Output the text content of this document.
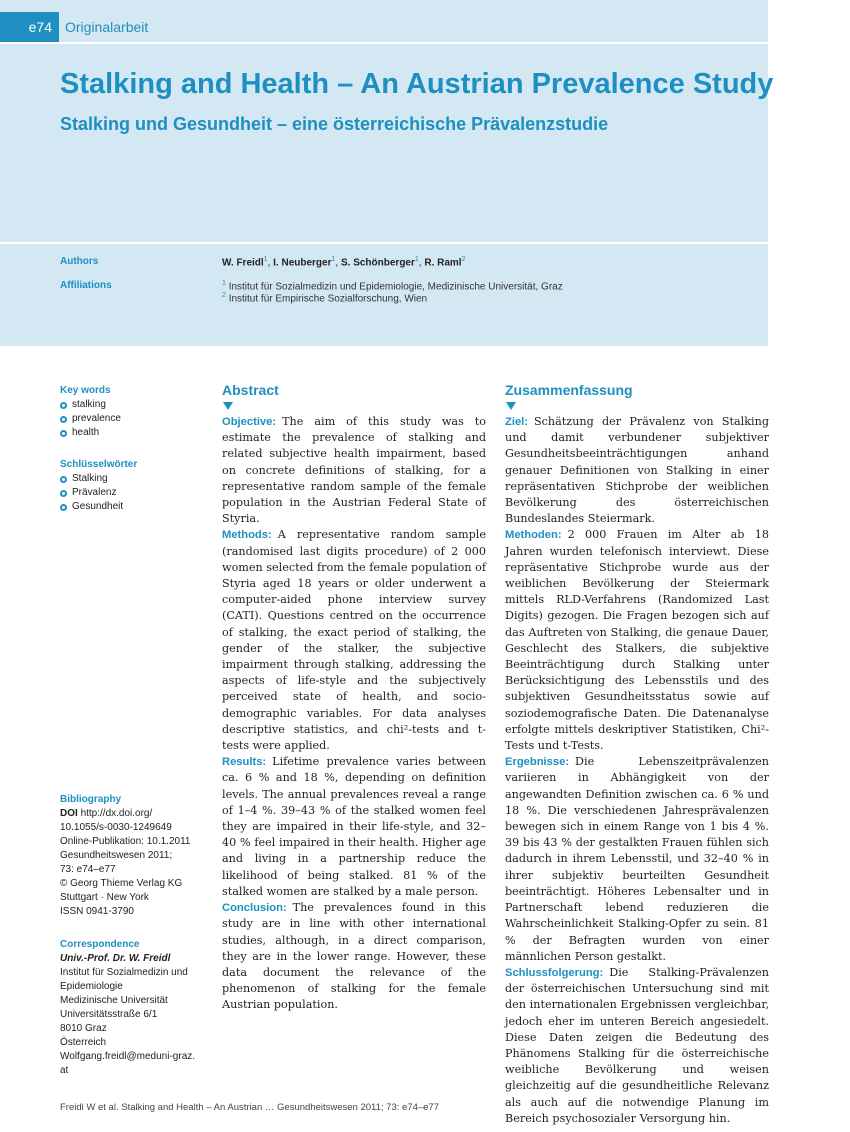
e74 Originalarbeit
Stalking and Health – An Austrian Prevalence Study
Stalking und Gesundheit – eine österreichische Prävalenzstudie
Authors	W. Freidl$^1$, I. Neuberger$^1$, S. Schönberger$^1$, R. Raml$^2$
Affiliations	$^1$ Institut für Sozialmedizin und Epidemiologie, Medizinische Universität, Graz
$^2$ Institut für Empirische Sozialforschung, Wien
Key words
stalking
prevalence
health
Schlüsselwörter
Stalking
Prävalenz
Gesundheit
Bibliography
DOI http://dx.doi.org/
10.1055/s-0030-1249649
Online-Publikation: 10.1.2011
Gesundheitswesen 2011;
73: e74–e77
© Georg Thieme Verlag KG
Stuttgart · New York
ISSN 0941-3790
Correspondence
Univ.-Prof. Dr. W. Freidl
Institut für Sozialmedizin und
Epidemiologie
Medizinische Universität
Universitätsstraße 6/1
8010 Graz
Österreich
Wolfgang.freidl@meduni-graz.
at
Abstract

Objective: The aim of this study was to estimate the prevalence of stalking and related subjective health impairment, based on concrete definitions of stalking, for a representative random sample of the female population in the Austrian Federal State of Styria.

Methods: A representative random sample (randomised last digits procedure) of 2 000 women selected from the female population of Styria aged 18 years or older underwent a computer-aided phone interview survey (CATI). Questions centred on the occurrence of stalking, the exact period of stalking, the gender of the stalker, the subjective impairment through stalking, addressing the aspects of life-style and the subjectively perceived state of health, and socio-demographic variables. For data analyses descriptive statistics, and chi²-tests and t-tests were applied.

Results: Lifetime prevalence varies between ca. 6 % and 18 %, depending on definition levels. The annual prevalences reveal a range of 1–4 %. 39–43 % of the stalked women feel they are impaired in their life-style, and 32–40 % feel impaired in their health. Higher age and living in a partnership reduce the likelihood of being stalked. 81 % of the stalked women are stalked by a male person.

Conclusion: The prevalences found in this study are in line with other international studies, although, in a direct comparison, they are in the lower range. However, these data document the relevance of the phenomenon of stalking for the female Austrian population.

Zusammenfassung

Ziel: Schätzung der Prävalenz von Stalking und damit verbundener subjektiver Gesundheitsbeeinträchtigungen anhand genauer Definitionen von Stalking in einer repräsentativen Stichprobe der weiblichen Bevölkerung des österreichischen Bundeslandes Steiermark.

Methoden: 2 000 Frauen im Alter ab 18 Jahren wurden telefonisch interviewt. Diese repräsentative Stichprobe wurde aus der weiblichen Bevölkerung der Steiermark mittels RLD-Verfahrens (Randomized Last Digits) gezogen. Die Fragen bezogen sich auf das Auftreten von Stalking, die genaue Dauer, Geschlecht des Stalkers, die subjektive Beeinträchtigung durch Stalking unter Berücksichtigung des Lebensstils und des subjektiven Gesundheitsstatus sowie auf soziodemografische Daten. Die Datenanalyse erfolgte mittels deskriptiver Statistiken, Chi²-Tests und t-Tests.

Ergebnisse: Die Lebenszeitprävalenzen variieren in Abhängigkeit von der angewandten Definition zwischen ca. 6 % und 18 %. Die verschiedenen Jahresprävalenzen bewegen sich in einem Range von 1 bis 4 %. 39 bis 43 % der gestalkten Frauen fühlen sich dadurch in ihrem Lebensstil, und 32–40 % in ihrer subjektiv beurteilten Gesundheit beeinträchtigt. Höheres Lebensalter und in Partnerschaft lebend reduzieren die Wahrscheinlichkeit Stalking-Opfer zu sein. 81 % der Befragten wurden von einer männlichen Person gestalkt.

Schlussfolgerung: Die Stalking-Prävalenzen der österreichischen Untersuchung sind mit den internationalen Ergebnissen vergleichbar, jedoch eher im unteren Bereich angesiedelt. Diese Daten zeigen die Bedeutung des Phänomens Stalking für die österreichische weibliche Bevölkerung und weisen gleichzeitig auf die gesundheitliche Relevanz als auch auf die notwendige Planung im Bereich psychosozialer Versorgung hin.

Freidl W et al. Stalking and Health – An Austrian … Gesundheitswesen 2011; 73: e74–e77
